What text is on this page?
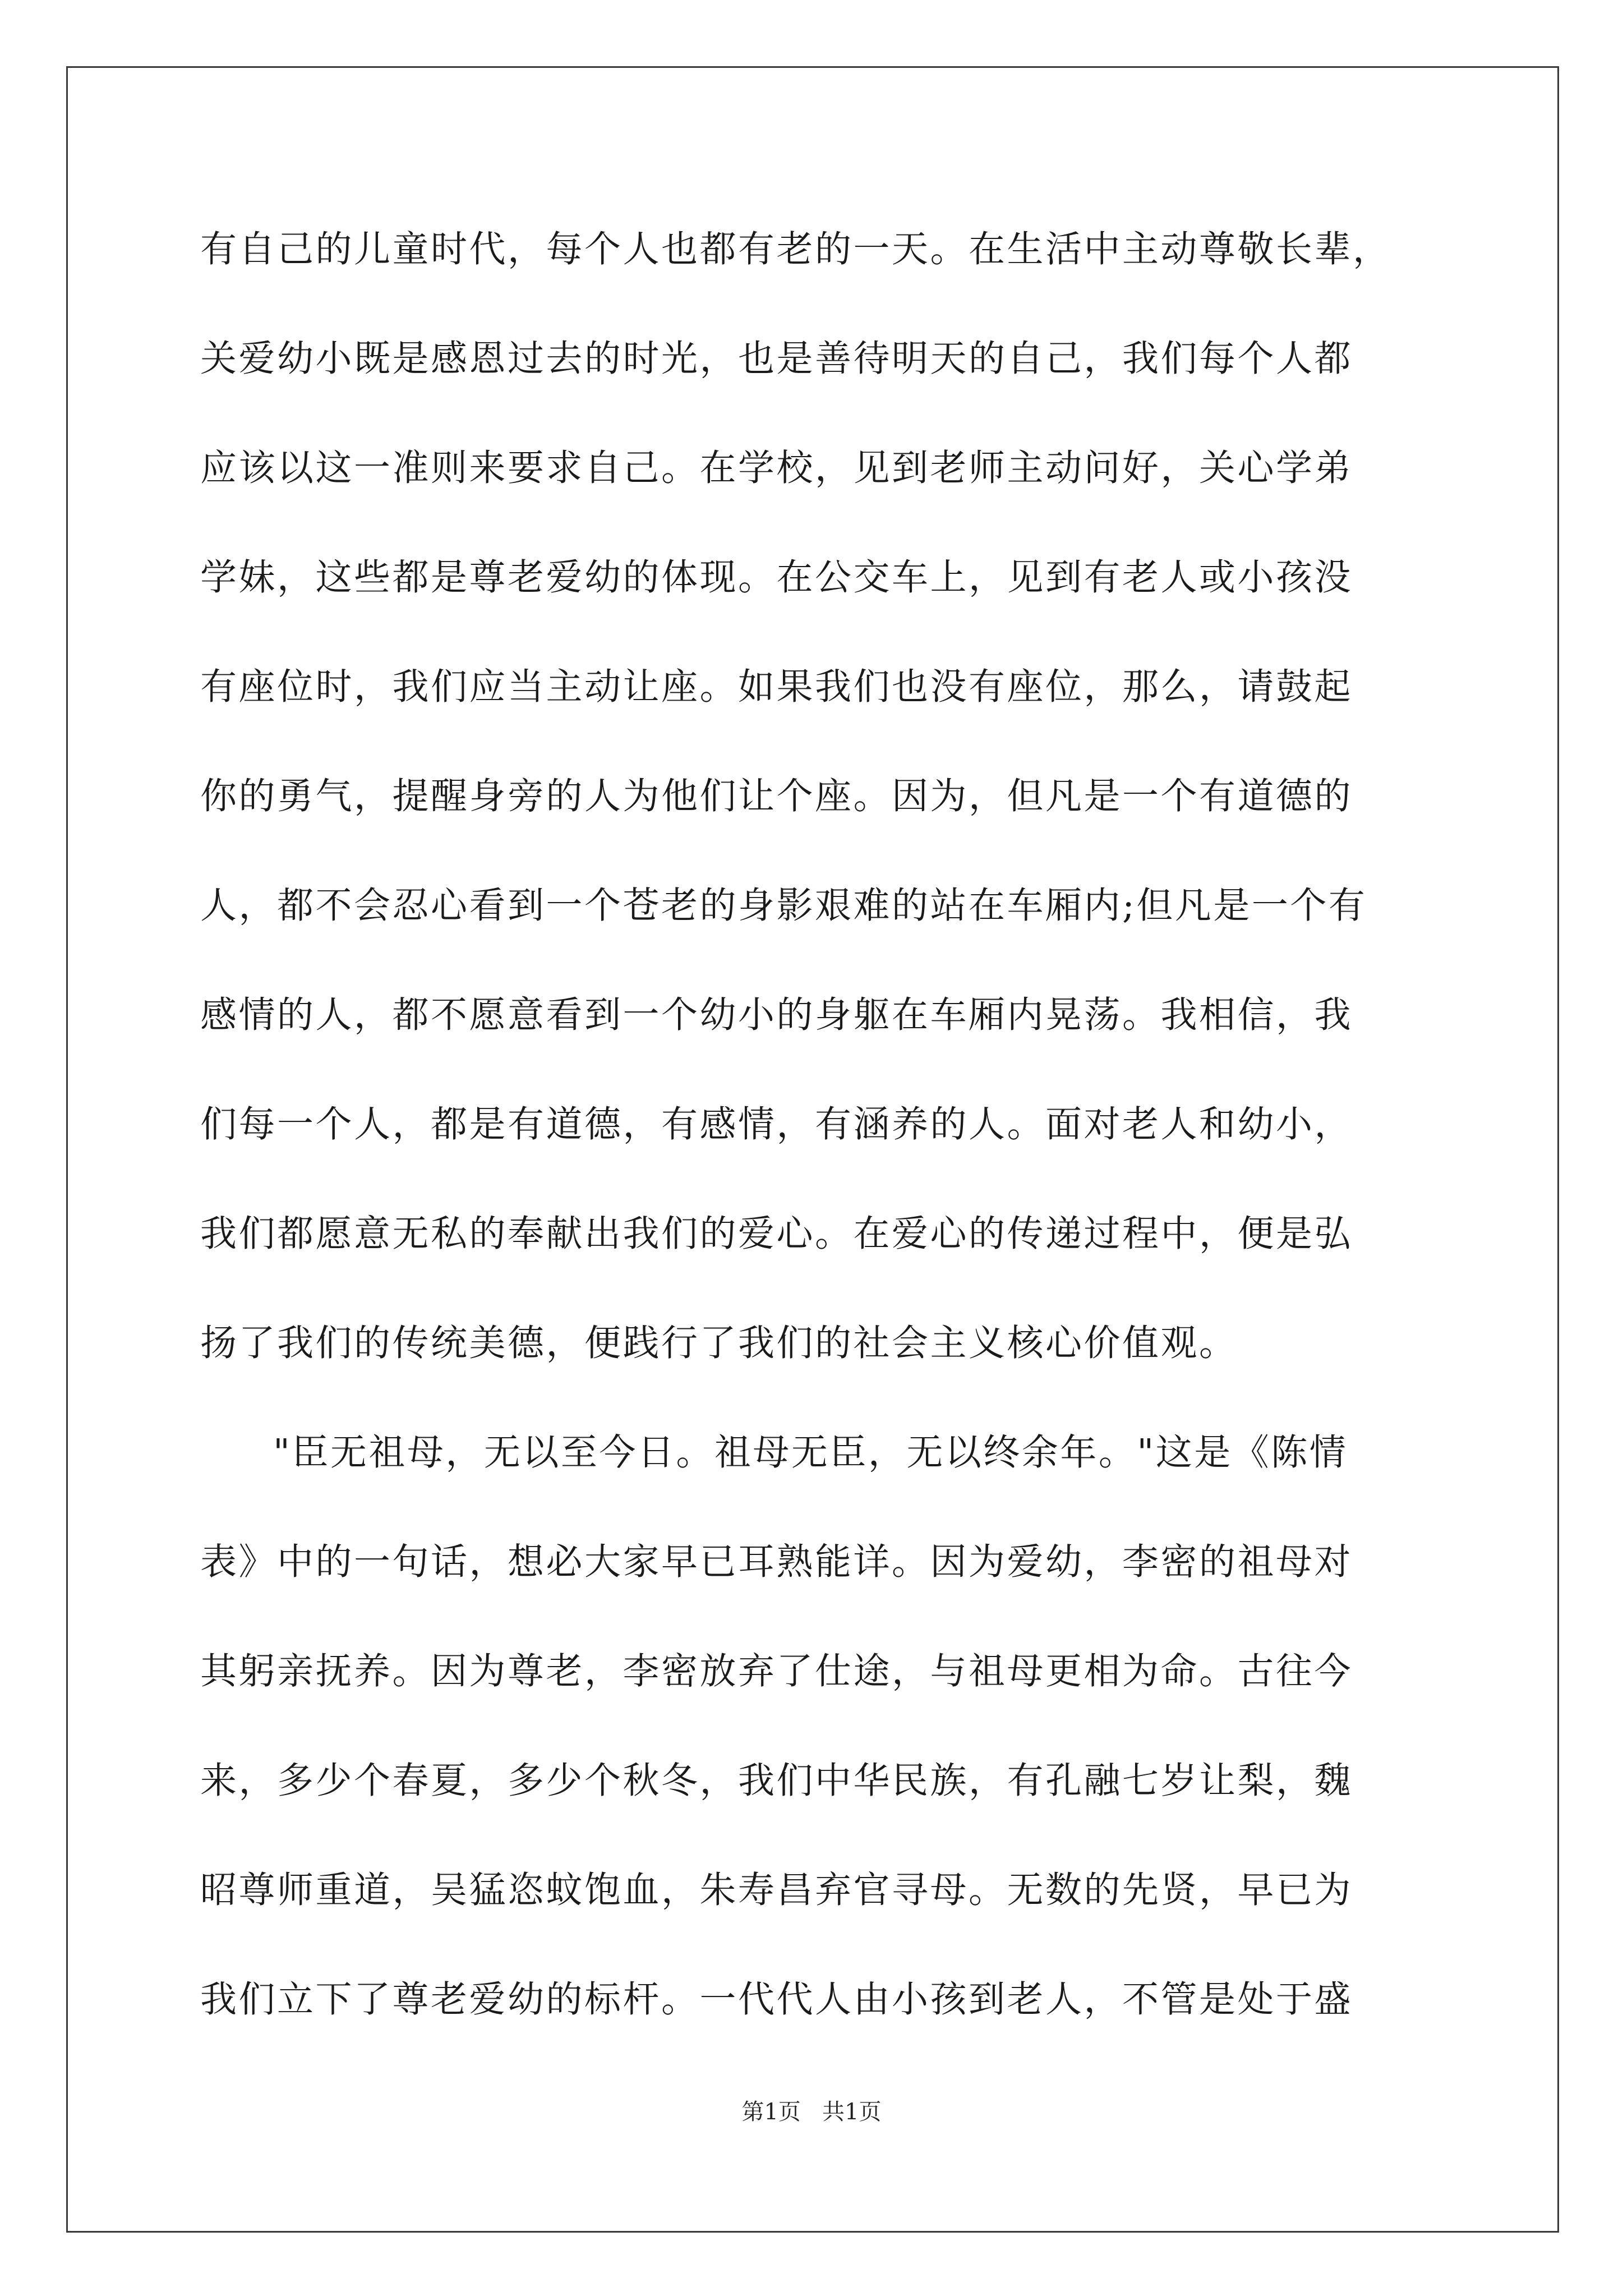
有自己的儿童时代，每个人也都有老的一天。在生活中主动尊敬长辈，
关爱幼小既是感恩过去的时光，也是善待明天的自己，我们每个人都
应该以这一准则来要求自己。在学校，见到老师主动问好，关心学弟
学妹，这些都是尊老爱幼的体现。在公交车上，见到有老人或小孩没
有座位时，我们应当主动让座。如果我们也没有座位，那么，请鼓起
你的勇气，提醒身旁的人为他们让个座。因为，但凡是一个有道德的
人，都不会忍心看到一个苍老的身影艰难的站在车厢内;但凡是一个有
感情的人，都不愿意看到一个幼小的身躯在车厢内晃荡。我相信，我
们每一个人，都是有道德，有感情，有涵养的人。面对老人和幼小，
我们都愿意无私的奉献出我们的爱心。在爱心的传递过程中，便是弘
扬了我们的传统美德，便践行了我们的社会主义核心价值观。
"臣无祖母，无以至今日。祖母无臣，无以终余年。"这是《陈情
表》中的一句话，想必大家早已耳熟能详。因为爱幼，李密的祖母对
其躬亲抚养。因为尊老，李密放弃了仕途，与祖母更相为命。古往今
来，多少个春夏，多少个秋冬，我们中华民族，有孔融七岁让梨，魏
昭尊师重道，吴猛恣蚊饱血，朱寿昌弃官寻母。无数的先贤，早已为
我们立下了尊老爱幼的标杆。一代代人由小孩到老人，不管是处于盛
第1页   共1页
